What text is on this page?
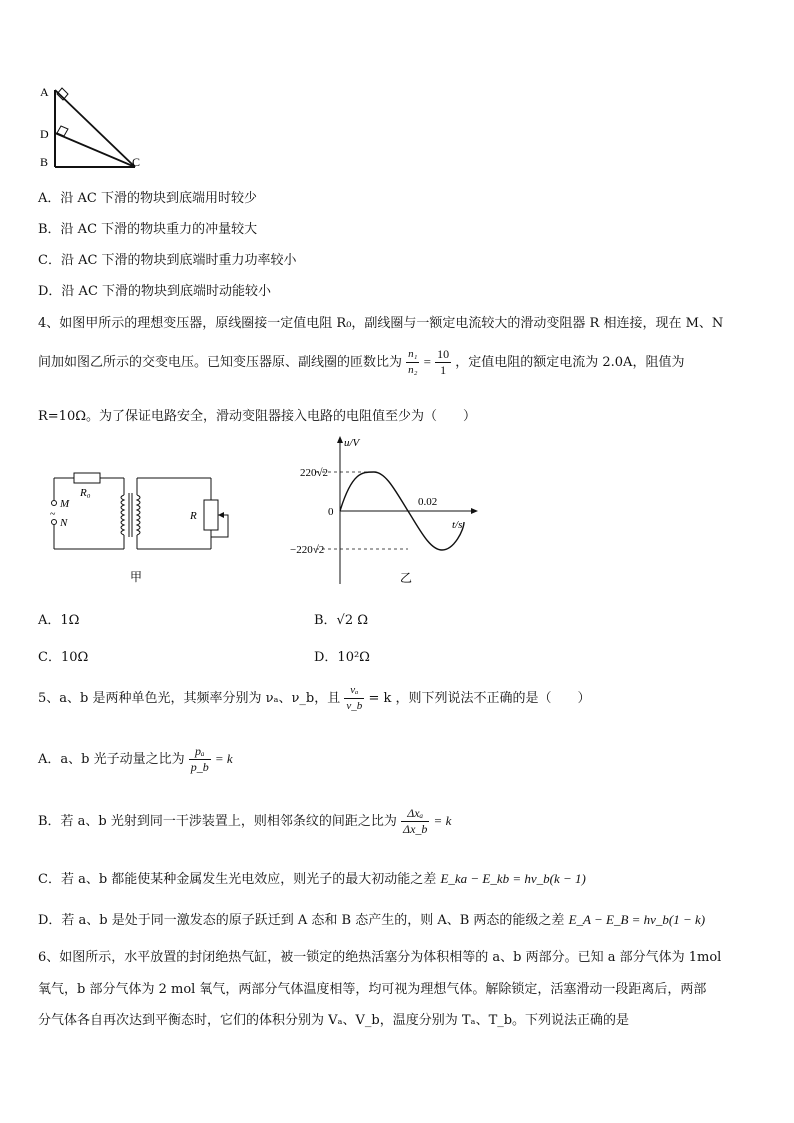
A
D
B	C
A．沿 AC 下滑的物块到底端用时较少
B．沿 AC 下滑的物块重力的冲量较大
C．沿 AC 下滑的物块到底端时重力功率较小
D．沿 AC 下滑的物块到底端时动能较小
4、如图甲所示的理想变压器，原线圈接一定值电阻 R₀，副线圈与一额定电流较大的滑动变阻器 R 相连接，现在 M、N
间加如图乙所示的交变电压。已知变压器原、副线圈的匝数比为 $\frac{\text{n₁}}{\text{n₂}} = \frac{10}{1}$ ，定值电阻的额定电流为 2.0A，阻值为
R=10Ω。为了保证电路安全，滑动变阻器接入电路的电阻值至少为（　　）
~
R₀
M
N
R
甲
u/V
220√2
0
−220√2
0.02
t/s
乙
A．1Ω	B．√2 Ω
C．10Ω	D．10²Ω
5、a、b 是两种单色光，其频率分别为 νₐ、ν_b，且 $\frac{\text{νₐ}}{\nu\_b} = k$ ，则下列说法不正确的是（　　）
A．a、b 光子动量之比为 $\frac{\text{pₐ}}{p\_b} = k$
B．若 a、b 光射到同一干涉装置上，则相邻条纹的间距之比为 $\frac{\text{Δxₐ}}{\Delta x\_b} = k$
C．若 a、b 都能使某种金属发生光电效应，则光子的最大初动能之差 E_ka − E_kb = hν_b(k − 1)
D．若 a、b 是处于同一激发态的原子跃迁到 A 态和 B 态产生的，则 A、B 两态的能级之差 E_A − E_B = hν_b(1 − k)
6、如图所示，水平放置的封闭绝热气缸，被一锁定的绝热活塞分为体积相等的 a、b 两部分。已知 a 部分气体为 1mol
氧气，b 部分气体为 2 mol 氧气，两部分气体温度相等，均可视为理想气体。解除锁定，活塞滑动一段距离后，两部
分气体各自再次达到平衡态时，它们的体积分别为 Vₐ、V_b，温度分别为 Tₐ、T_b。下列说法正确的是
